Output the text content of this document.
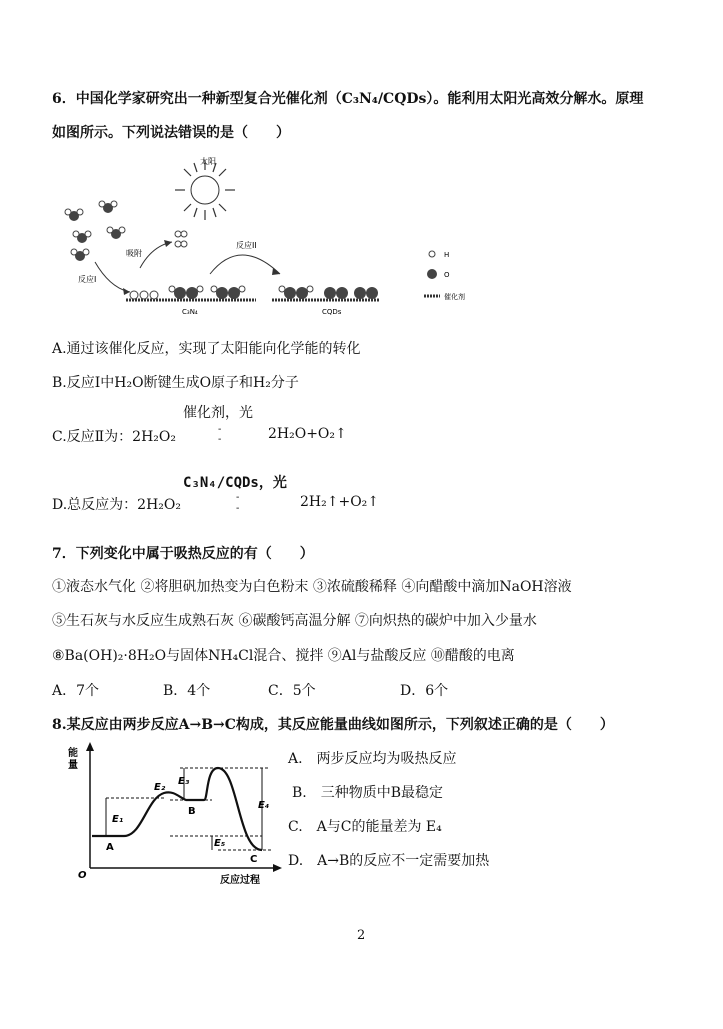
6．中国化学家研究出一种新型复合光催化剂（C₃N₄/CQDs）。能利用太阳光高效分解水。原理
如图所示。下列说法错误的是（　　）
太阳
反应I
吸附
反应II
C₃N₄	CQDs
H
O
催化剂
A.通过该催化反应，实现了太阳能向化学能的转化
B.反应Ⅰ中H₂O断键生成O原子和H₂分子
催化剂，光
C.反应Ⅱ为：2H₂O₂	-
-	2H₂O+O₂↑
C₃N₄/CQDs，光
D.总反应为：2H₂O₂	-
-	2H₂↑+O₂↑
7．下列变化中属于吸热反应的有（　　）
①液态水气化 ②将胆矾加热变为白色粉末 ③浓硫酸稀释 ④向醋酸中滴加NaOH溶液
⑤生石灰与水反应生成熟石灰 ⑥碳酸钙高温分解 ⑦向炽热的碳炉中加入少量水
⑧Ba(OH)₂·8H₂O与固体NH₄Cl混合、搅拌 ⑨Al与盐酸反应 ⑩醋酸的电离
A．7个	B．4个	C．5个	D．6个
8.某反应由两步反应A→B→C构成，其反应能量曲线如图所示，下列叙述正确的是（　　）
能
量
O	反应过程
E₁
E₂
E₃
E₄
E₅
A
B
C
A.　两步反应均为吸热反应
B.　三种物质中B最稳定
C.　A与C的能量差为 E₄
D.　A→B的反应不一定需要加热
2
